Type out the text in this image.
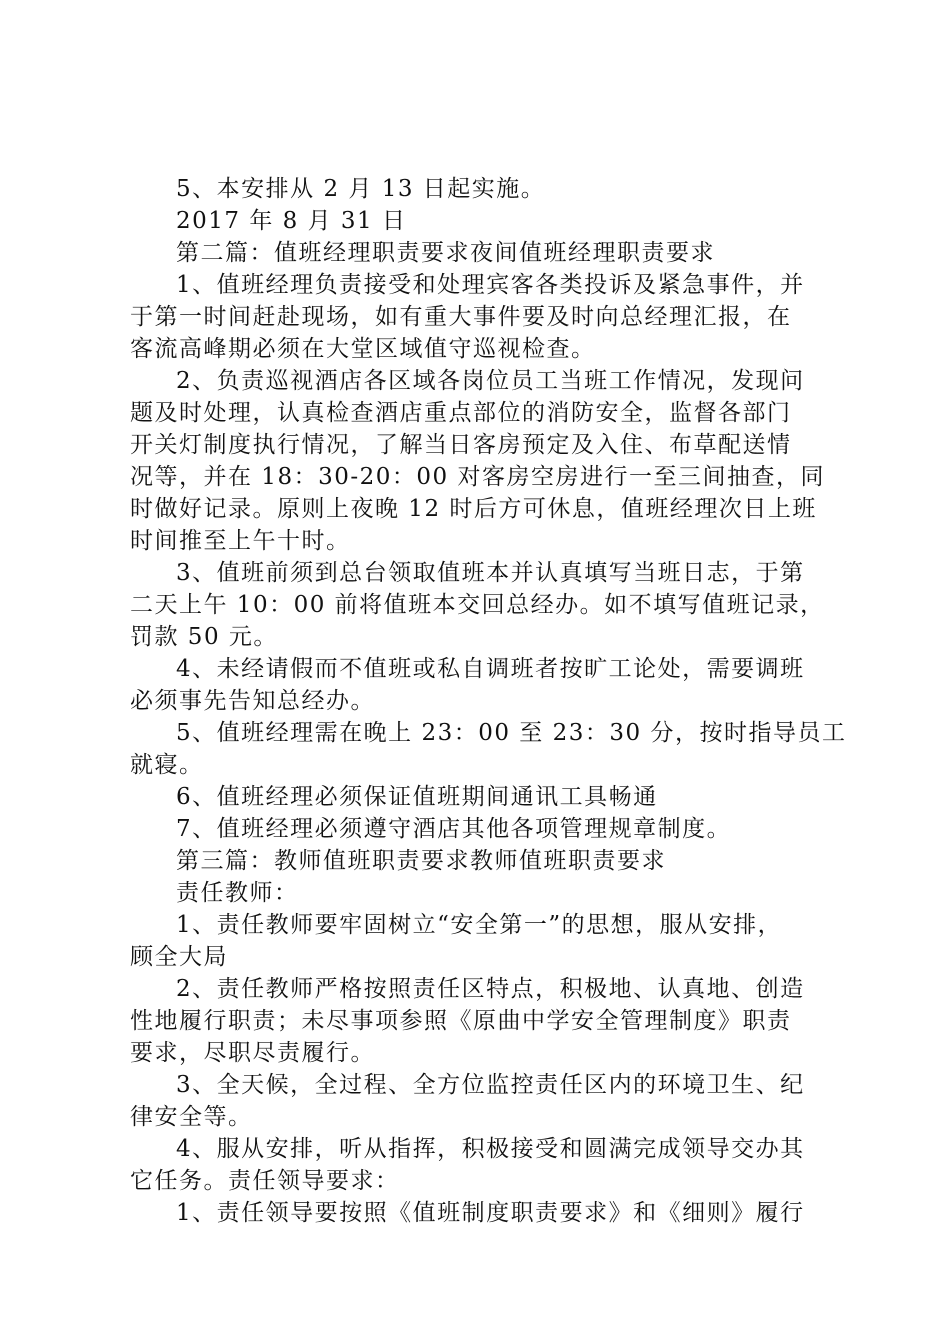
5、本安排从 2 月 13 日起实施。
2017 年 8 月 31 日
第二篇：值班经理职责要求夜间值班经理职责要求
1、值班经理负责接受和处理宾客各类投诉及紧急事件，并
于第一时间赶赴现场，如有重大事件要及时向总经理汇报，在
客流高峰期必须在大堂区域值守巡视检查。
2、负责巡视酒店各区域各岗位员工当班工作情况，发现问
题及时处理，认真检查酒店重点部位的消防安全，监督各部门
开关灯制度执行情况，了解当日客房预定及入住、布草配送情
况等，并在 18：30-20：00 对客房空房进行一至三间抽查，同
时做好记录。原则上夜晚 12 时后方可休息，值班经理次日上班
时间推至上午十时。
3、值班前须到总台领取值班本并认真填写当班日志，于第
二天上午 10：00 前将值班本交回总经办。如不填写值班记录，
罚款 50 元。
4、未经请假而不值班或私自调班者按旷工论处，需要调班
必须事先告知总经办。
5、值班经理需在晚上 23：00 至 23：30 分，按时指导员工
就寝。
6、值班经理必须保证值班期间通讯工具畅通
7、值班经理必须遵守酒店其他各项管理规章制度。
第三篇：教师值班职责要求教师值班职责要求
责任教师：
1、责任教师要牢固树立“安全第一”的思想，服从安排，
顾全大局
2、责任教师严格按照责任区特点，积极地、认真地、创造
性地履行职责；未尽事项参照《原曲中学安全管理制度》职责
要求，尽职尽责履行。
3、全天候，全过程、全方位监控责任区内的环境卫生、纪
律安全等。
4、服从安排，听从指挥，积极接受和圆满完成领导交办其
它任务。责任领导要求：
1、责任领导要按照《值班制度职责要求》和《细则》履行
